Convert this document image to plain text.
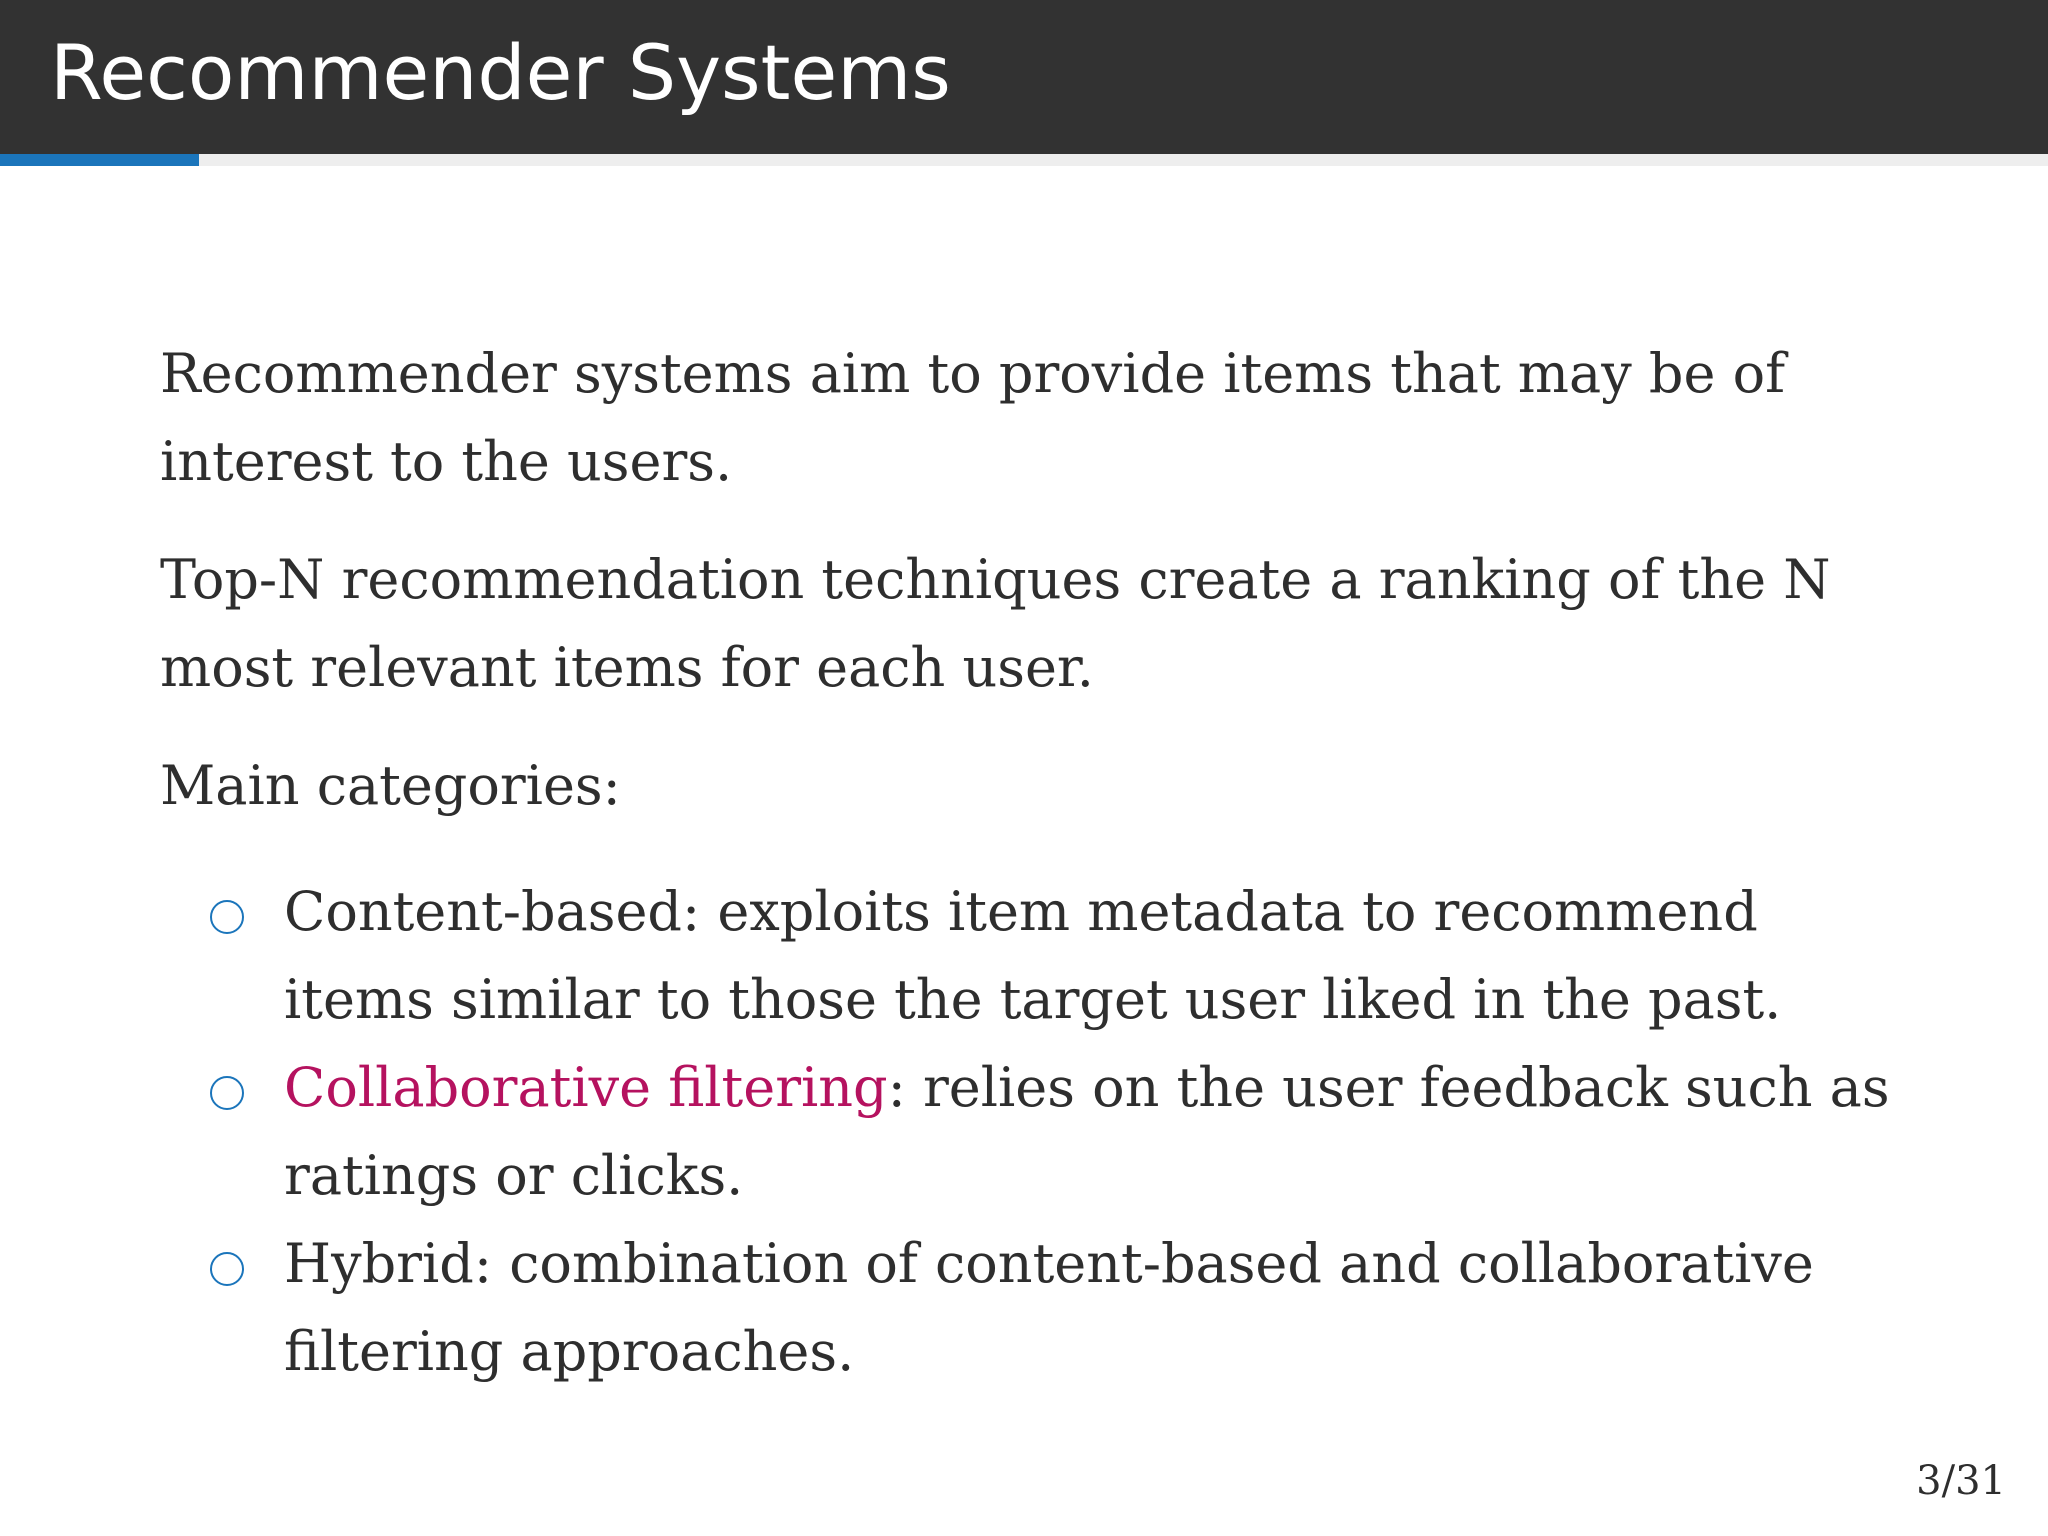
Recommender Systems

Recommender systems aim to provide items that may be of interest to the users.

Top-N recommendation techniques create a ranking of the N most relevant items for each user.

Main categories:

Content-based: exploits item metadata to recommend items similar to those the target user liked in the past.
Collaborative filtering: relies on the user feedback such as ratings or clicks.
Hybrid: combination of content-based and collaborative filtering approaches.
3/31
